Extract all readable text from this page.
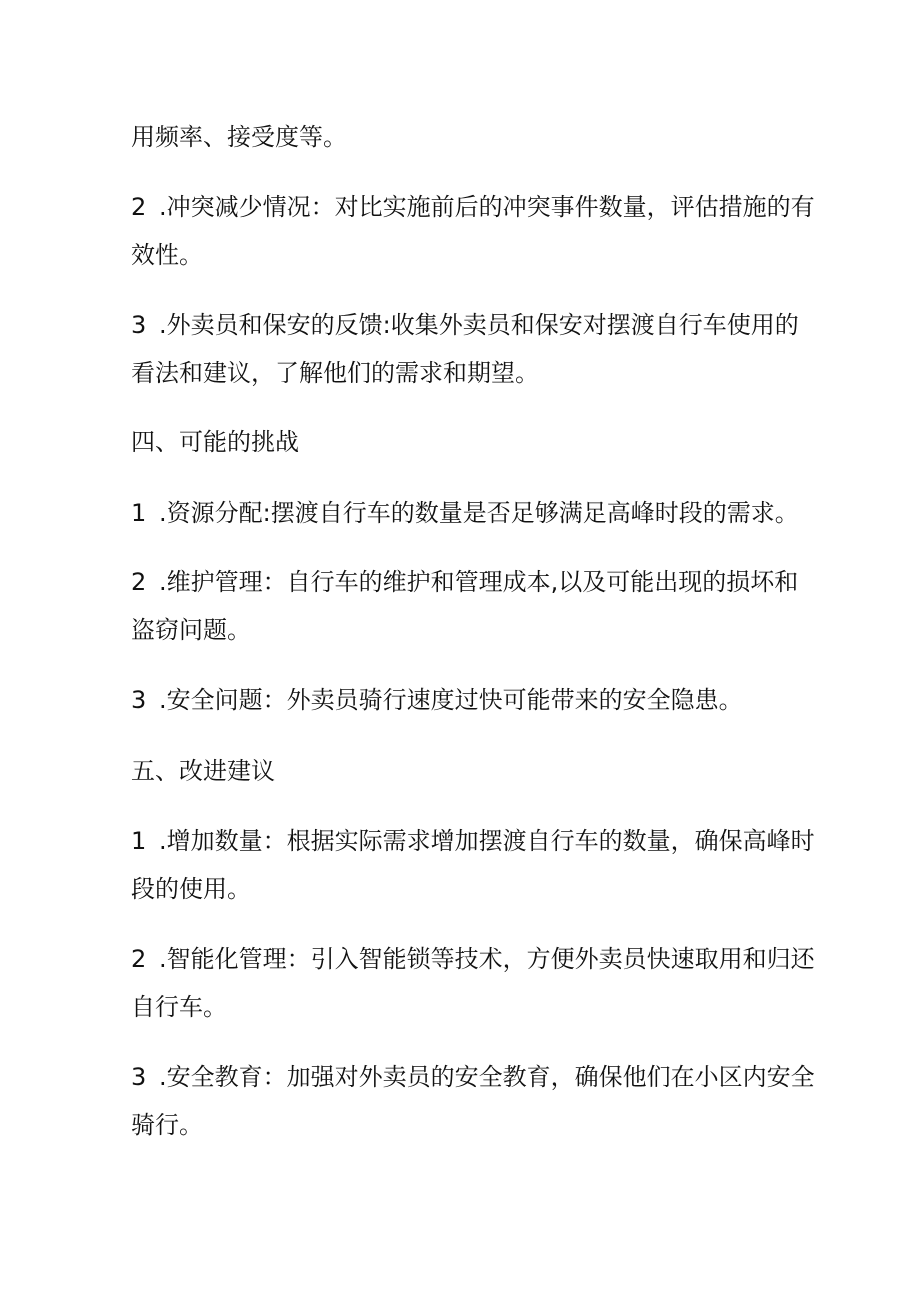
用频率、接受度等。

2 .冲突减少情况：对比实施前后的冲突事件数量，评估措施的有
效性。

3 .外卖员和保安的反馈:收集外卖员和保安对摆渡自行车使用的
看法和建议，了解他们的需求和期望。

四、可能的挑战

1 .资源分配:摆渡自行车的数量是否足够满足高峰时段的需求。

2 .维护管理：自行车的维护和管理成本,以及可能出现的损坏和
盗窃问题。

3 .安全问题：外卖员骑行速度过快可能带来的安全隐患。

五、改进建议

1 .增加数量：根据实际需求增加摆渡自行车的数量，确保高峰时
段的使用。

2 .智能化管理：引入智能锁等技术，方便外卖员快速取用和归还
自行车。

3 .安全教育：加强对外卖员的安全教育，确保他们在小区内安全
骑行。
